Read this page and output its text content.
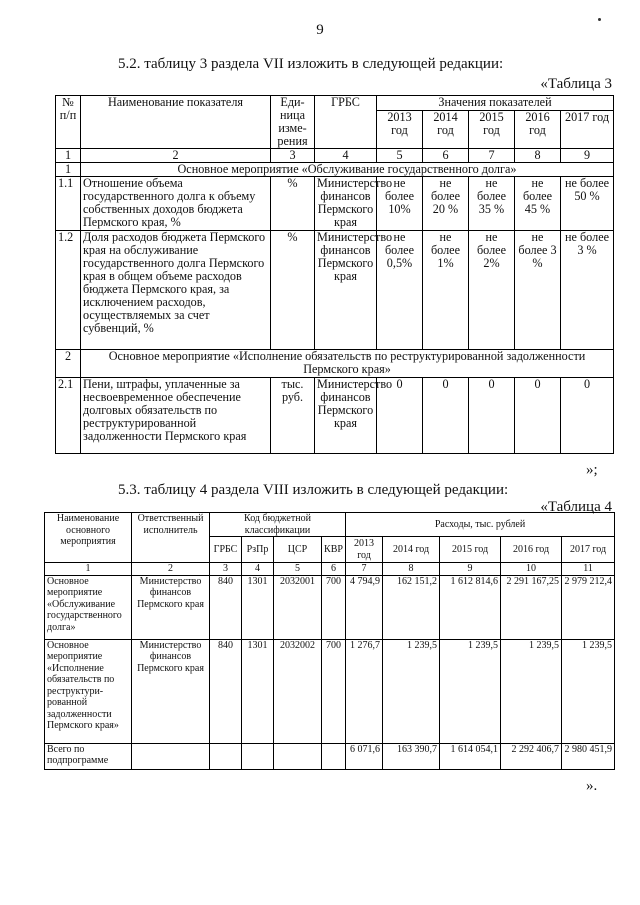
9
5.2. таблицу 3 раздела VII изложить в следующей редакции:
«Таблица 3
№ п/п	Наименование показателя	Еди-ница изме-рения	ГРБС	Значения показателей				
				2013 год	2014 год	2015 год	2016 год	2017 год
1	2	3	4	5	6	7	8	9
1	Основное мероприятие «Обслуживание государственного долга»							
1.1	Отношение объема государственного долга к объему собственных доходов бюджета Пермского края, %	%	Министерство финансов Пермского края	не более 10%	не более 20 %	не более 35 %	не более 45 %	не более 50 %
1.2	Доля расходов бюджета Пермского края на обслуживание государственного долга Пермского края в общем объеме расходов бюджета Пермского края, за исключением расходов, осуществляемых за счет субвенций, %	%	Министерство финансов Пермского края	не более 0,5%	не более 1%	не более 2%	не более 3 %	не более 3 %
2	Основное мероприятие «Исполнение обязательств по реструктурированной задолженности Пермского края»							
2.1	Пени, штрафы, уплаченные за несвоевременное обеспечение долговых обязательств по реструктурированной задолженности Пермского края	тыс. руб.	Министерство финансов Пермского края	0	0	0	0	0
»;
5.3. таблицу 4 раздела VIII изложить в следующей редакции:
«Таблица 4
Наименование основного мероприятия	Ответственный исполнитель	Код бюджетной классификации				Расходы, тыс. рублей				
		ГРБС	РзПр	ЦСР	КВР	2013 год	2014 год	2015 год	2016 год	2017 год
1	2	3	4	5	6	7	8	9	10	11
Основное мероприятие «Обслуживание государственного долга»	Министерство финансов Пермского края	840	1301	2032001	700	4 794,9	162 151,2	1 612 814,6	2 291 167,25	2 979 212,4
Основное мероприятие «Исполнение обязательств по реструктури-рованной задолженности Пермского края»	Министерство финансов Пермского края	840	1301	2032002	700	1 276,7	1 239,5	1 239,5	1 239,5	1 239,5
Всего по подпрограмме						6 071,6	163 390,7	1 614 054,1	2 292 406,7	2 980 451,9
».
